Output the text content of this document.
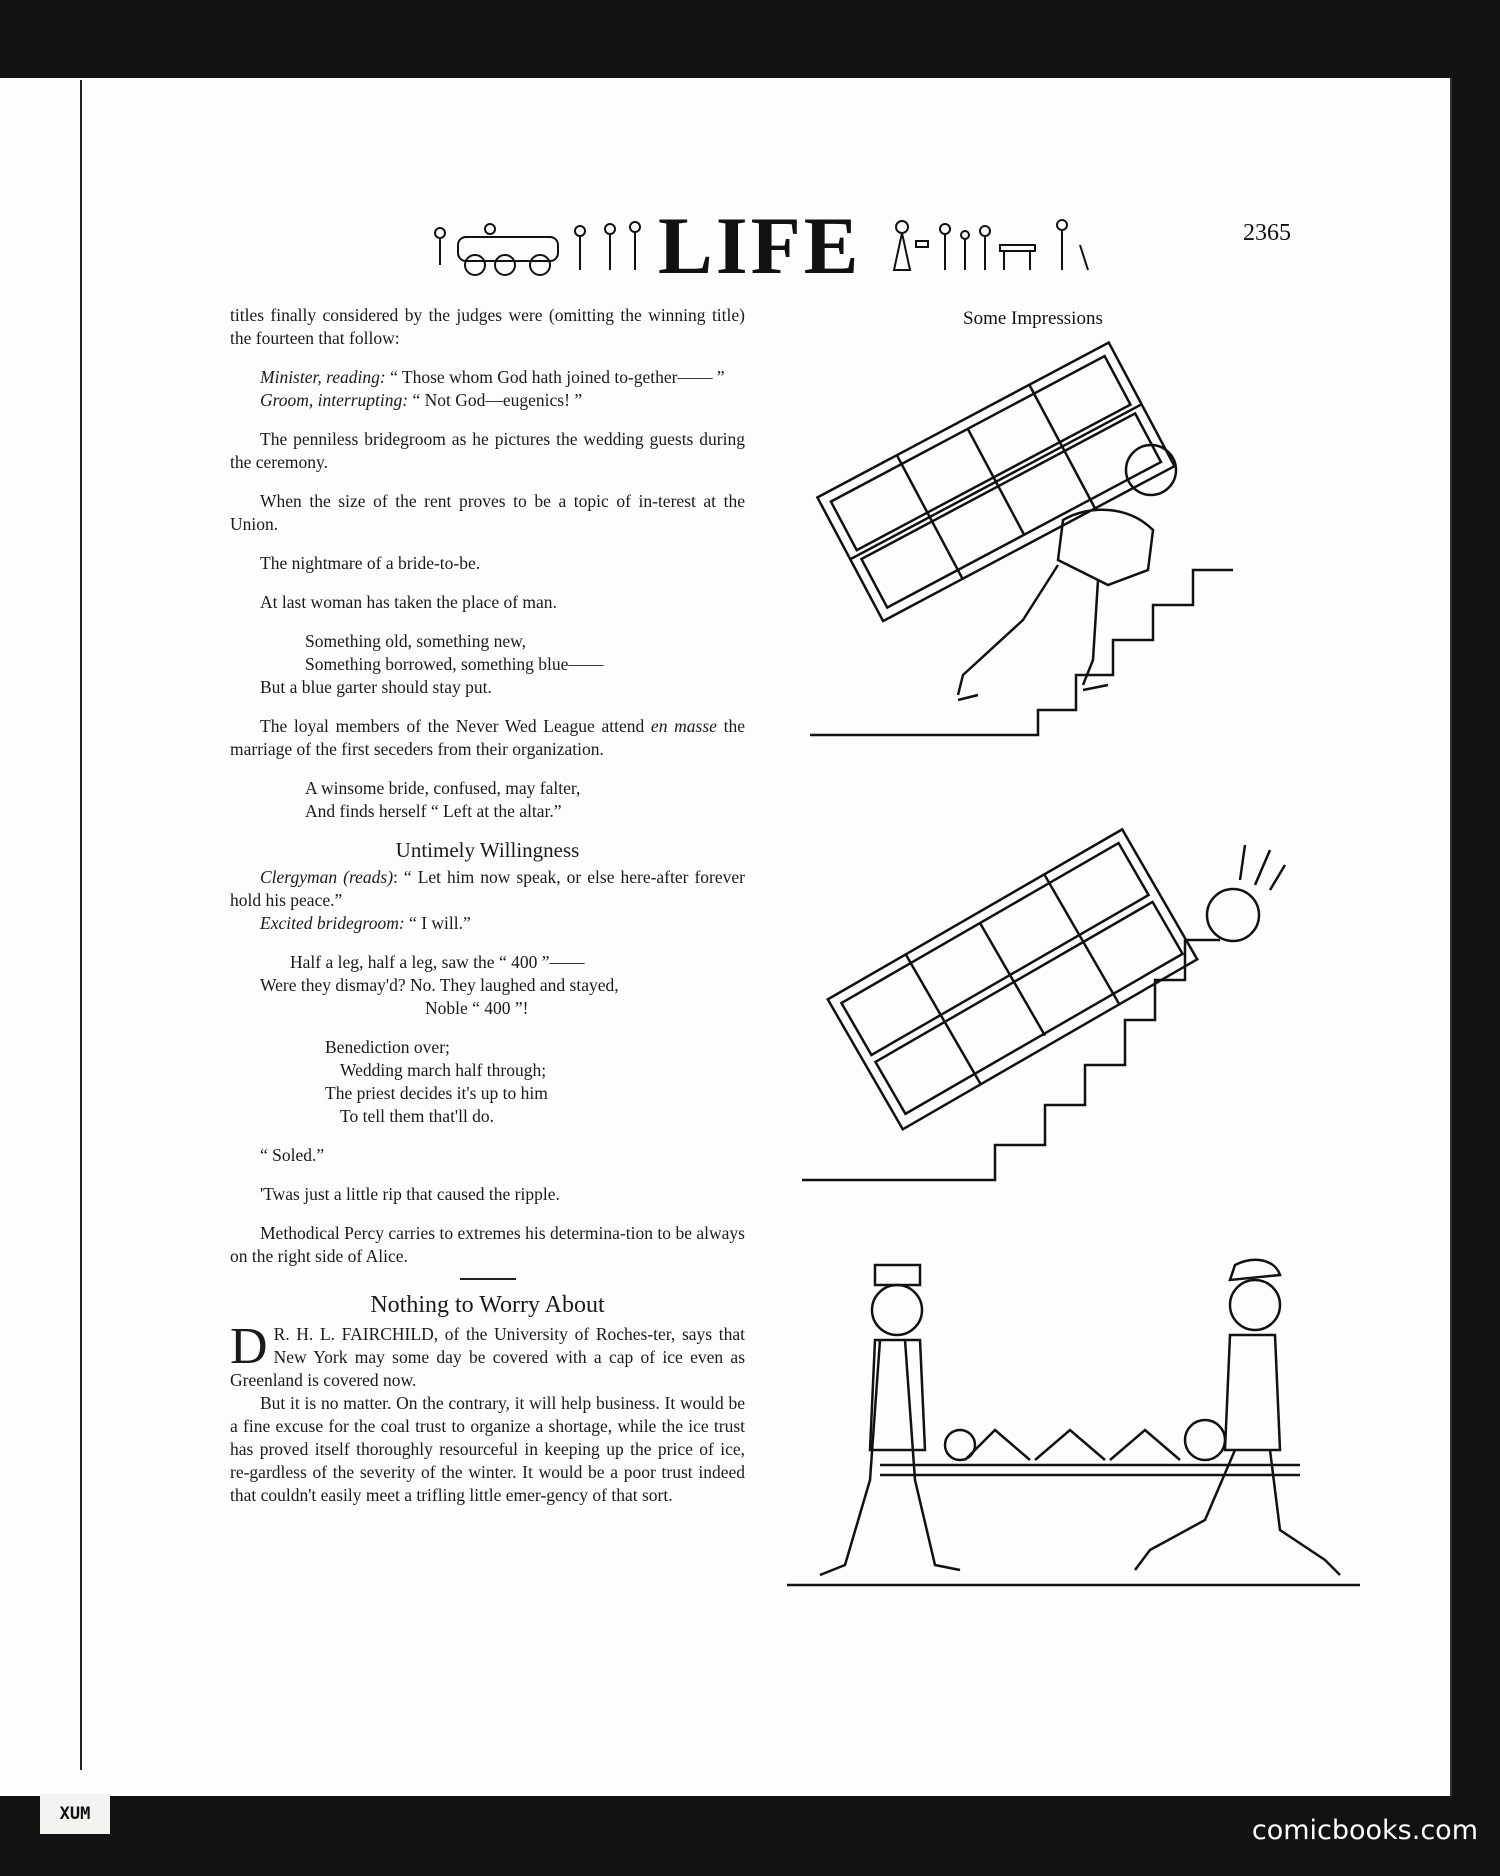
LIFE	2365

titles finally considered by the judges were (omitting the winning title) the fourteen that follow:

Minister, reading: “ Those whom God hath joined to-gether—— ”

Groom, interrupting: “ Not God—eugenics! ”

The penniless bridegroom as he pictures the wedding guests during the ceremony.

When the size of the rent proves to be a topic of in-terest at the Union.

The nightmare of a bride-to-be.

At last woman has taken the place of man.

Something old, something new,
Something borrowed, something blue——
But a blue garter should stay put.

The loyal members of the Never Wed League attend en masse the marriage of the first seceders from their organization.

A winsome bride, confused, may falter,
And finds herself “ Left at the altar.”
Untimely Willingness

Clergyman (reads): “ Let him now speak, or else here-after forever hold his peace.”

Excited bridegroom: “ I will.”

Half a leg, half a leg, saw the “ 400 ”——
Were they dismay'd? No. They laughed and stayed,
Noble “ 400 ”!
Benediction over;
Wedding march half through;
The priest decides it's up to him
To tell them that'll do.

“ Soled.”

'Twas just a little rip that caused the ripple.

Methodical Percy carries to extremes his determina-tion to be always on the right side of Alice.

Nothing to Worry About

D R. H. L. FAIRCHILD, of the University of Roches-ter, says that New York may some day be covered with a cap of ice even as Greenland is covered now.

But it is no matter. On the contrary, it will help business. It would be a fine excuse for the coal trust to organize a shortage, while the ice trust has proved itself thoroughly resourceful in keeping up the price of ice, re-gardless of the severity of the winter. It would be a poor trust indeed that couldn't easily meet a trifling little emer-gency of that sort.

Some Impressions
XUM
comicbooks.com
